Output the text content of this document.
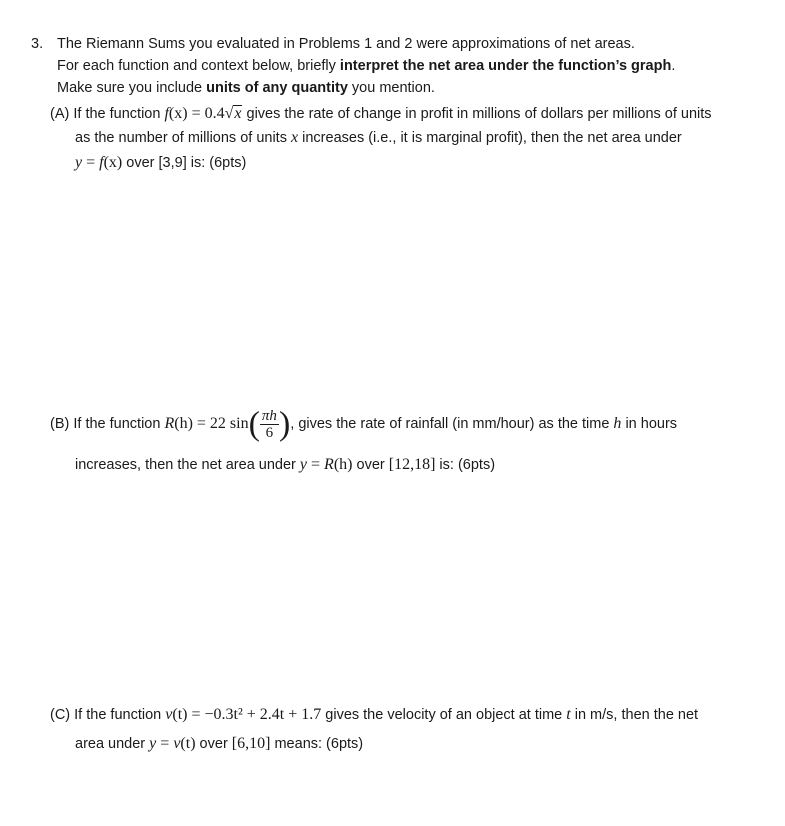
3. The Riemann Sums you evaluated in Problems 1 and 2 were approximations of net areas.
For each function and context below, briefly interpret the net area under the function’s graph.
Make sure you include units of any quantity you mention.
(A) If the function f(x) = 0.4√x gives the rate of change in profit in millions of dollars per millions of units
as the number of millions of units x increases (i.e., it is marginal profit), then the net area under
y = f(x) over [3,9] is: (6pts)
(B) If the function R(h) = 22 $\sin( \frac{\pi h}{6}$ ), gives the rate of rainfall (in mm/hour) as the time h in hours
increases, then the net area under y = R(h) over [12,18] is: (6pts)
(C) If the function v(t) = −0.3t² + 2.4t + 1.7 gives the velocity of an object at time t in m/s, then the net
area under y = v(t) over [6,10] means: (6pts)
